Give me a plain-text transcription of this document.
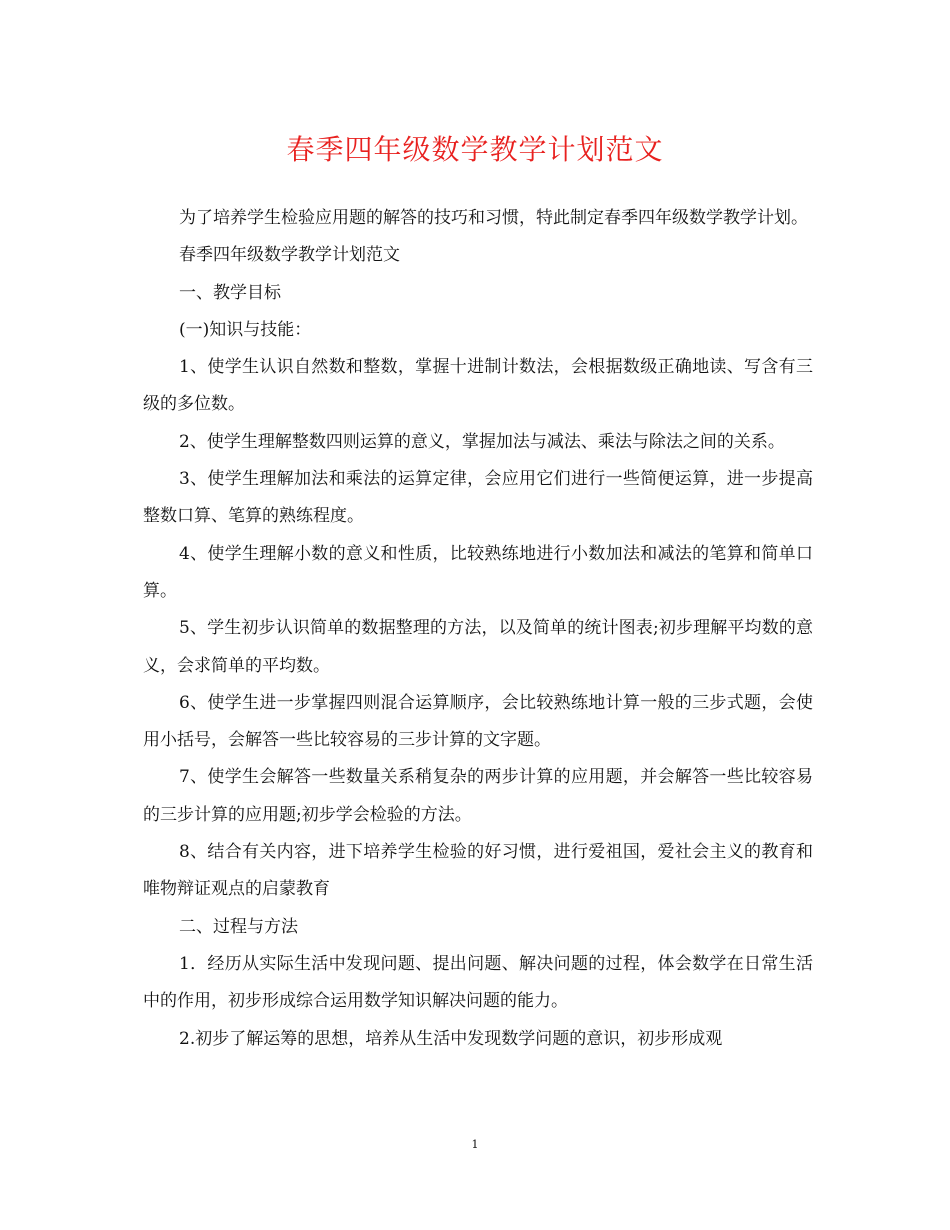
春季四年级数学教学计划范文

为了培养学生检验应用题的解答的技巧和习惯，特此制定春季四年级数学教学计划。

春季四年级数学教学计划范文

一、教学目标

(一)知识与技能：

1、使学生认识自然数和整数，掌握十进制计数法，会根据数级正确地读、写含有三级的多位数。

2、使学生理解整数四则运算的意义，掌握加法与减法、乘法与除法之间的关系。

3、使学生理解加法和乘法的运算定律，会应用它们进行一些简便运算，进一步提高整数口算、笔算的熟练程度。

4、使学生理解小数的意义和性质，比较熟练地进行小数加法和减法的笔算和简单口算。

5、学生初步认识简单的数据整理的方法，以及简单的统计图表;初步理解平均数的意义，会求简单的平均数。

6、使学生进一步掌握四则混合运算顺序，会比较熟练地计算一般的三步式题，会使用小括号，会解答一些比较容易的三步计算的文字题。

7、使学生会解答一些数量关系稍复杂的两步计算的应用题，并会解答一些比较容易的三步计算的应用题;初步学会检验的方法。

8、结合有关内容，进下培养学生检验的好习惯，进行爱祖国，爱社会主义的教育和唯物辩证观点的启蒙教育

二、过程与方法

1．经历从实际生活中发现问题、提出问题、解决问题的过程，体会数学在日常生活中的作用，初步形成综合运用数学知识解决问题的能力。

2.初步了解运筹的思想，培养从生活中发现数学问题的意识，初步形成观

1
